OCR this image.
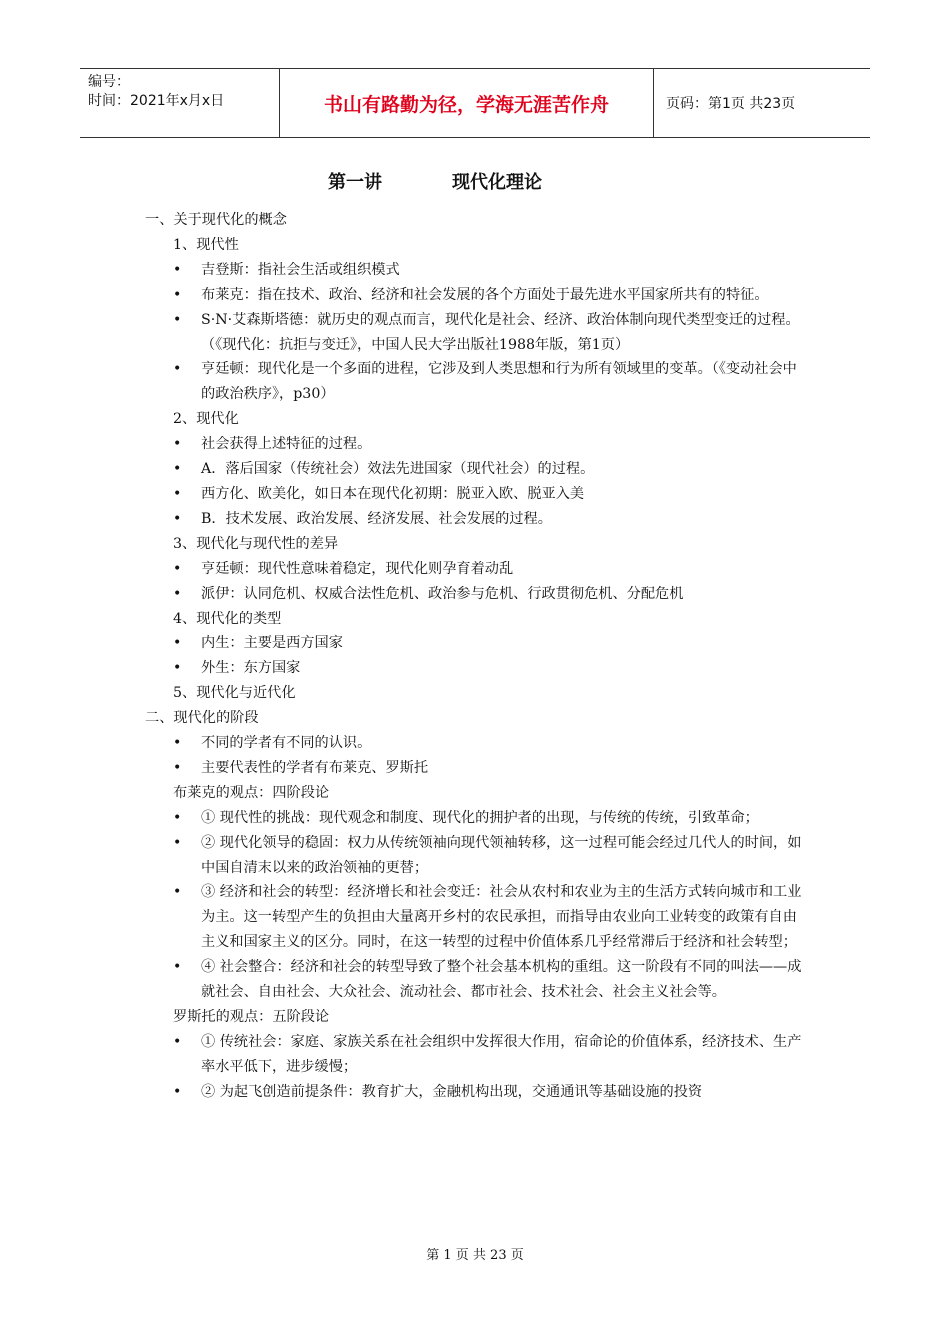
编号：
时间：2021年x月x日	书山有路勤为径，学海无涯苦作舟	页码：第1页 共23页
第一讲	现代化理论
一、关于现代化的概念
1、现代性
• 吉登斯：指社会生活或组织模式
• 布莱克：指在技术、政治、经济和社会发展的各个方面处于最先进水平国家所共有的特征。
• S·N·艾森斯塔德：就历史的观点而言，现代化是社会、经济、政治体制向现代类型变迁的过程。（《现代化：抗拒与变迁》，中国人民大学出版社1988年版，第1页）
• 亨廷顿：现代化是一个多面的进程，它涉及到人类思想和行为所有领域里的变革。（《变动社会中的政治秩序》，p30）
2、现代化
• 社会获得上述特征的过程。
• A．落后国家（传统社会）效法先进国家（现代社会）的过程。
• 西方化、欧美化，如日本在现代化初期：脱亚入欧、脱亚入美
• B．技术发展、政治发展、经济发展、社会发展的过程。
3、现代化与现代性的差异
• 亨廷顿：现代性意味着稳定，现代化则孕育着动乱
• 派伊：认同危机、权威合法性危机、政治参与危机、行政贯彻危机、分配危机
4、现代化的类型
• 内生：主要是西方国家
• 外生：东方国家
5、现代化与近代化
二、现代化的阶段
• 不同的学者有不同的认识。
• 主要代表性的学者有布莱克、罗斯托
布莱克的观点：四阶段论
• ① 现代性的挑战：现代观念和制度、现代化的拥护者的出现，与传统的传统，引致革命；
• ② 现代化领导的稳固：权力从传统领袖向现代领袖转移，这一过程可能会经过几代人的时间，如中国自清末以来的政治领袖的更替；
• ③ 经济和社会的转型：经济增长和社会变迁：社会从农村和农业为主的生活方式转向城市和工业为主。这一转型产生的负担由大量离开乡村的农民承担，而指导由农业向工业转变的政策有自由主义和国家主义的区分。同时，在这一转型的过程中价值体系几乎经常滞后于经济和社会转型；
• ④ 社会整合：经济和社会的转型导致了整个社会基本机构的重组。这一阶段有不同的叫法——成就社会、自由社会、大众社会、流动社会、都市社会、技术社会、社会主义社会等。
罗斯托的观点：五阶段论
• ① 传统社会：家庭、家族关系在社会组织中发挥很大作用，宿命论的价值体系，经济技术、生产率水平低下，进步缓慢；
• ② 为起飞创造前提条件：教育扩大，金融机构出现，交通通讯等基础设施的投资
第 1 页 共 23 页
